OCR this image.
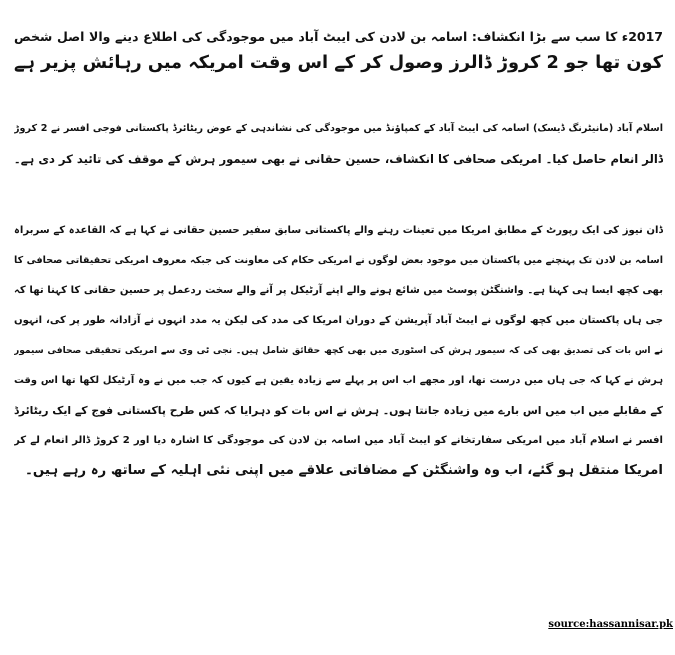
2017ء کا سب سے بڑا انکشاف: اسامہ بن لادن کی ایبٹ آباد میں موجودگی کی اطلاع دینے والا اصل شخص
کون تھا جو 2 کروڑ ڈالرز وصول کر کے اس وقت امریکہ میں رہائش پزیر ہے
اسلام آباد (مانیٹرنگ ڈیسک) اسامہ کی ایبٹ آباد کے کمپاؤنڈ میں موجودگی کی نشاندہی کے عوض ریٹائرڈ پاکستانی فوجی افسر نے 2 کروڑ
ڈالر انعام حاصل کیا۔ امریکی صحافی کا انکشاف، حسین حقانی نے بھی سیمور ہرش کے موقف کی تائید کر دی ہے۔
ڈان نیوز کی ایک رپورٹ کے مطابق امریکا میں تعینات رہنے والے پاکستانی سابق سفیر حسین حقانی نے کہا ہے کہ القاعدہ کے سربراہ
اسامہ بن لادن تک پہنچنے میں پاکستان میں موجود بعض لوگوں نے امریکی حکام کی معاونت کی جبکہ معروف امریکی تحقیقاتی صحافی کا
بھی کچھ ایسا ہی کہنا ہے۔ واشنگٹن پوسٹ میں شائع ہونے والے اپنے آرٹیکل پر آنے والے سخت ردعمل پر حسین حقانی کا کہنا تھا کہ
جی ہاں پاکستان میں کچھ لوگوں نے ایبٹ آباد آپریشن کے دوران امریکا کی مدد کی لیکن یہ مدد انہوں نے آزادانہ طور پر کی، انہوں
نے اس بات کی تصدیق بھی کی کہ سیمور ہرش کی اسٹوری میں بھی کچھ حقائق شامل ہیں۔ نجی ٹی وی سے امریکی تحقیقی صحافی سیمور
ہرش نے کہا کہ جی ہاں میں درست تھا، اور مجھے اب اس پر پہلے سے زیادہ یقین ہے کیوں کہ جب میں نے وہ آرٹیکل لکھا تھا اس وقت
کے مقابلے میں اب میں اس بارے میں زیادہ جانتا ہوں۔ ہرش نے اس بات کو دہرایا کہ کس طرح پاکستانی فوج کے ایک ریٹائرڈ
افسر نے اسلام آباد میں امریکی سفارتخانے کو ایبٹ آباد میں اسامہ بن لادن کی موجودگی کا اشارہ دیا اور 2 کروڑ ڈالر انعام لے کر
امریکا منتقل ہو گئے، اب وہ واشنگٹن کے مضافاتی علاقے میں اپنی نئی اہلیہ کے ساتھ رہ رہے ہیں۔
source:hassannisar.pk
